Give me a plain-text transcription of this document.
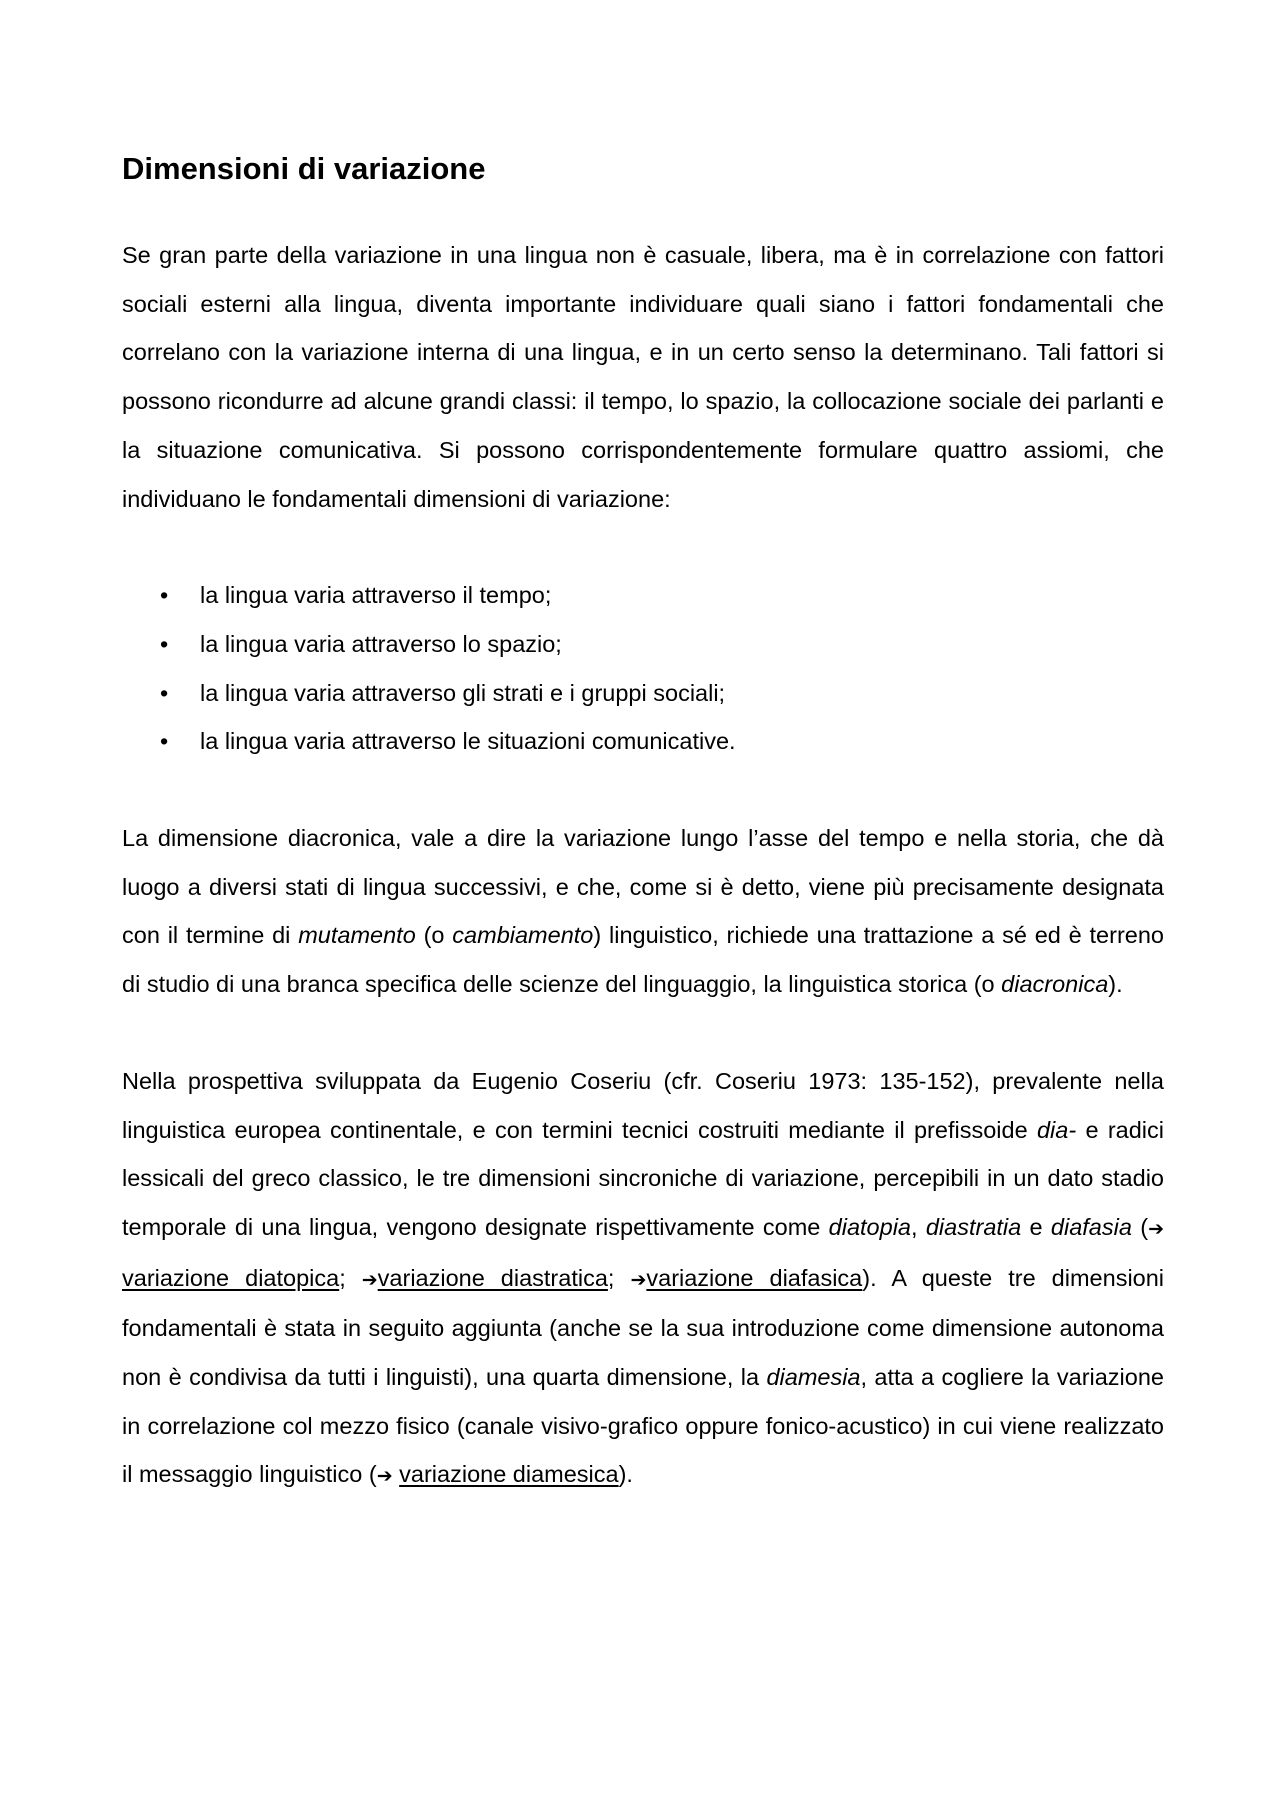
Dimensioni di variazione

Se gran parte della variazione in una lingua non è casuale, libera, ma è in correlazione con fattori sociali esterni alla lingua, diventa importante individuare quali siano i fattori fondamentali che correlano con la variazione interna di una lingua, e in un certo senso la determinano. Tali fattori si possono ricondurre ad alcune grandi classi: il tempo, lo spazio, la collocazione sociale dei parlanti e la situazione comunicativa. Si possono corrispondentemente formulare quattro assiomi, che individuano le fondamentali dimensioni di variazione:

• la lingua varia attraverso il tempo;
• la lingua varia attraverso lo spazio;
• la lingua varia attraverso gli strati e i gruppi sociali;
• la lingua varia attraverso le situazioni comunicative.

La dimensione diacronica, vale a dire la variazione lungo l’asse del tempo e nella storia, che dà luogo a diversi stati di lingua successivi, e che, come si è detto, viene più precisamente designata con il termine di mutamento (o cambiamento) linguistico, richiede una trattazione a sé ed è terreno di studio di una branca specifica delle scienze del linguaggio, la linguistica storica (o diacronica).

Nella prospettiva sviluppata da Eugenio Coseriu (cfr. Coseriu 1973: 135-152), prevalente nella linguistica europea continentale, e con termini tecnici costruiti mediante il prefissoide dia- e radici lessicali del greco classico, le tre dimensioni sincroniche di variazione, percepibili in un dato stadio temporale di una lingua, vengono designate rispettivamente come diatopia, diastratia e diafasia (➔ variazione diatopica; ➔variazione diastratica; ➔variazione diafasica). A queste tre dimensioni fondamentali è stata in seguito aggiunta (anche se la sua introduzione come dimensione autonoma non è condivisa da tutti i linguisti), una quarta dimensione, la diamesia, atta a cogliere la variazione in correlazione col mezzo fisico (canale visivo-grafico oppure fonico-acustico) in cui viene realizzato il messaggio linguistico (➔ variazione diamesica).
